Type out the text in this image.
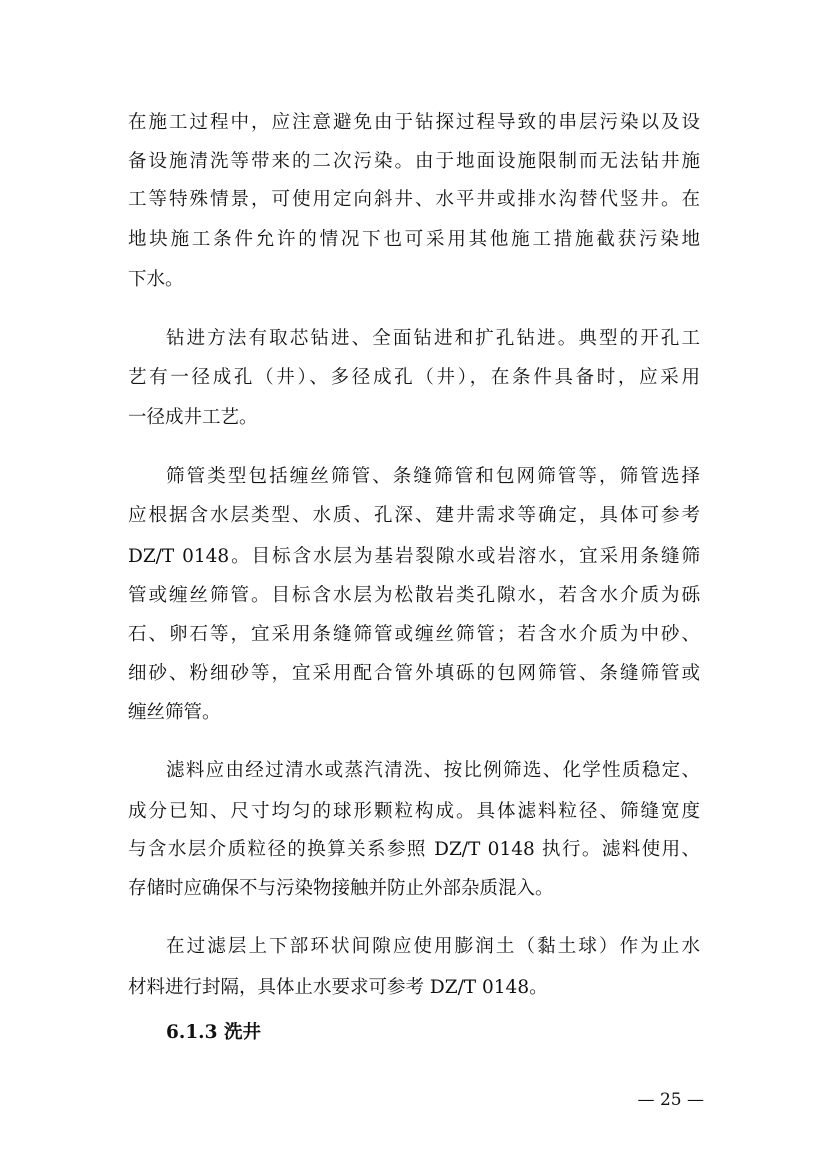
在施工过程中，应注意避免由于钻探过程导致的串层污染以及设
备设施清洗等带来的二次污染。由于地面设施限制而无法钻井施
工等特殊情景，可使用定向斜井、水平井或排水沟替代竖井。在
地块施工条件允许的情况下也可采用其他施工措施截获污染地
下水。
钻进方法有取芯钻进、全面钻进和扩孔钻进。典型的开孔工
艺有一径成孔（井）、多径成孔（井），在条件具备时，应采用
一径成井工艺。
筛管类型包括缠丝筛管、条缝筛管和包网筛管等，筛管选择
应根据含水层类型、水质、孔深、建井需求等确定，具体可参考
DZ/T 0148。目标含水层为基岩裂隙水或岩溶水，宜采用条缝筛
管或缠丝筛管。目标含水层为松散岩类孔隙水，若含水介质为砾
石、卵石等，宜采用条缝筛管或缠丝筛管；若含水介质为中砂、
细砂、粉细砂等，宜采用配合管外填砾的包网筛管、条缝筛管或
缠丝筛管。
滤料应由经过清水或蒸汽清洗、按比例筛选、化学性质稳定、
成分已知、尺寸均匀的球形颗粒构成。具体滤料粒径、筛缝宽度
与含水层介质粒径的换算关系参照 DZ/T 0148 执行。滤料使用、
存储时应确保不与污染物接触并防止外部杂质混入。
在过滤层上下部环状间隙应使用膨润土（黏土球）作为止水
材料进行封隔，具体止水要求可参考 DZ/T 0148。
6.1.3 洗井
— 25 —
